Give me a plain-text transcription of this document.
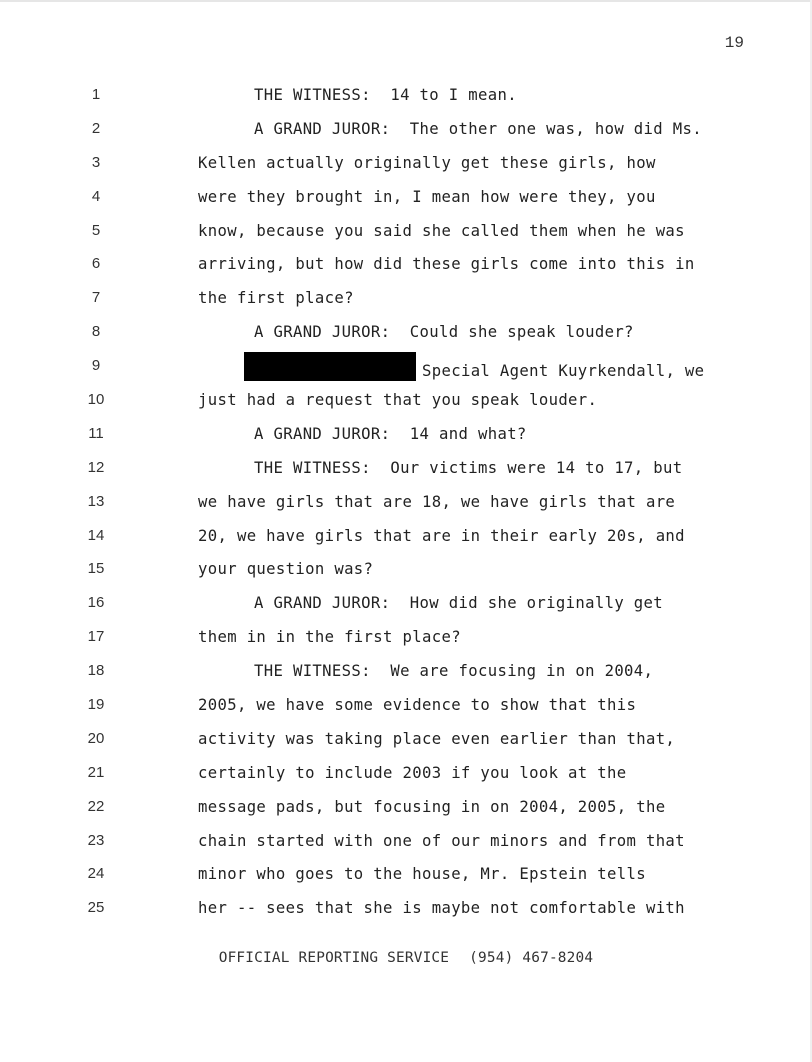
19
1	THE WITNESS:  14 to I mean.
2	A GRAND JUROR:  The other one was, how did Ms.
3	Kellen actually originally get these girls, how
4	were they brought in, I mean how were they, you
5	know, because you said she called them when he was
6	arriving, but how did these girls come into this in
7	the first place?
8	A GRAND JUROR:  Could she speak louder?
9	Special Agent Kuyrkendall, we
10	just had a request that you speak louder.
11	A GRAND JUROR:  14 and what?
12	THE WITNESS:  Our victims were 14 to 17, but
13	we have girls that are 18, we have girls that are
14	20, we have girls that are in their early 20s, and
15	your question was?
16	A GRAND JUROR:  How did she originally get
17	them in in the first place?
18	THE WITNESS:  We are focusing in on 2004,
19	2005, we have some evidence to show that this
20	activity was taking place even earlier than that,
21	certainly to include 2003 if you look at the
22	message pads, but focusing in on 2004, 2005, the
23	chain started with one of our minors and from that
24	minor who goes to the house, Mr. Epstein tells
25	her -- sees that she is maybe not comfortable with
OFFICIAL REPORTING SERVICE (954) 467-8204
